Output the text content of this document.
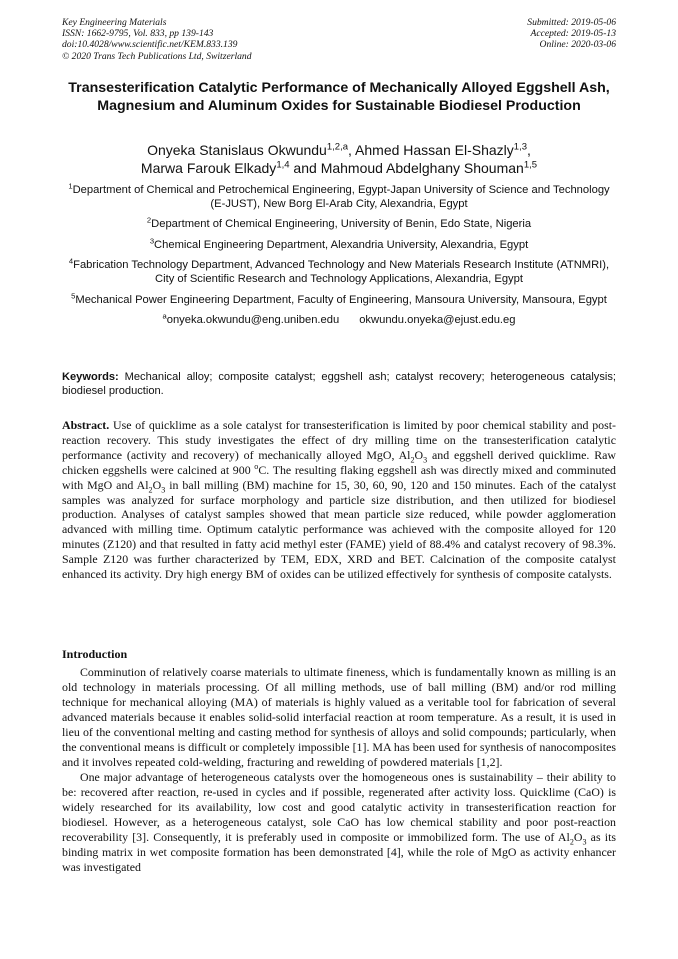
Key Engineering Materials
ISSN: 1662-9795, Vol. 833, pp 139-143
doi:10.4028/www.scientific.net/KEM.833.139
© 2020 Trans Tech Publications Ltd, Switzerland
Submitted: 2019-05-06
Accepted: 2019-05-13
Online: 2020-03-06
Transesterification Catalytic Performance of Mechanically Alloyed Eggshell Ash, Magnesium and Aluminum Oxides for Sustainable Biodiesel Production
Onyeka Stanislaus Okwundu$^{1,2,a}$, Ahmed Hassan El-Shazly$^{1,3}$,
Marwa Farouk Elkady$^{1,4}$ and Mahmoud Abdelghany Shouman$^{1,5}$

$^1$Department of Chemical and Petrochemical Engineering, Egypt-Japan University of Science and Technology (E-JUST), New Borg El-Arab City, Alexandria, Egypt

$^2$Department of Chemical Engineering, University of Benin, Edo State, Nigeria

$^3$Chemical Engineering Department, Alexandria University, Alexandria, Egypt

$^4$Fabrication Technology Department, Advanced Technology and New Materials Research Institute (ATNMRI), City of Scientific Research and Technology Applications, Alexandria, Egypt

$^5$Mechanical Power Engineering Department, Faculty of Engineering, Mansoura University, Mansoura, Egypt

$^a$onyeka.okwundu@eng.uniben.edu okwundu.onyeka@ejust.edu.eg

Keywords: Mechanical alloy; composite catalyst; eggshell ash; catalyst recovery; heterogeneous catalysis; biodiesel production.
Abstract. Use of quicklime as a sole catalyst for transesterification is limited by poor chemical stability and post-reaction recovery. This study investigates the effect of dry milling time on the transesterification catalytic performance (activity and recovery) of mechanically alloyed MgO, $Al_2O_3$ and eggshell derived quicklime. Raw chicken eggshells were calcined at 900 $^o$C. The resulting flaking eggshell ash was directly mixed and comminuted with MgO and $Al_2O_3$ in ball milling (BM) machine for 15, 30, 60, 90, 120 and 150 minutes. Each of the catalyst samples was analyzed for surface morphology and particle size distribution, and then utilized for biodiesel production. Analyses of catalyst samples showed that mean particle size reduced, while powder agglomeration advanced with milling time. Optimum catalytic performance was achieved with the composite alloyed for 120 minutes (Z120) and that resulted in fatty acid methyl ester (FAME) yield of 88.4% and catalyst recovery of 98.3%. Sample Z120 was further characterized by TEM, EDX, XRD and BET. Calcination of the composite catalyst enhanced its activity. Dry high energy BM of oxides can be utilized effectively for synthesis of composite catalysts.
Introduction

Comminution of relatively coarse materials to ultimate fineness, which is fundamentally known as milling is an old technology in materials processing. Of all milling methods, use of ball milling (BM) and/or rod milling technique for mechanical alloying (MA) of materials is highly valued as a veritable tool for fabrication of several advanced materials because it enables solid-solid interfacial reaction at room temperature. As a result, it is used in lieu of the conventional melting and casting method for synthesis of alloys and solid compounds; particularly, when the conventional means is difficult or completely impossible [1]. MA has been used for synthesis of nanocomposites and it involves repeated cold-welding, fracturing and rewelding of powdered materials [1,2].

One major advantage of heterogeneous catalysts over the homogeneous ones is sustainability – their ability to be: recovered after reaction, re-used in cycles and if possible, regenerated after activity loss. Quicklime (CaO) is widely researched for its availability, low cost and good catalytic activity in transesterification reaction for biodiesel. However, as a heterogeneous catalyst, sole CaO has low chemical stability and poor post-reaction recoverability [3]. Consequently, it is preferably used in composite or immobilized form. The use of $Al_2O_3$ as its binding matrix in wet composite formation has been demonstrated [4], while the role of MgO as activity enhancer was investigated
